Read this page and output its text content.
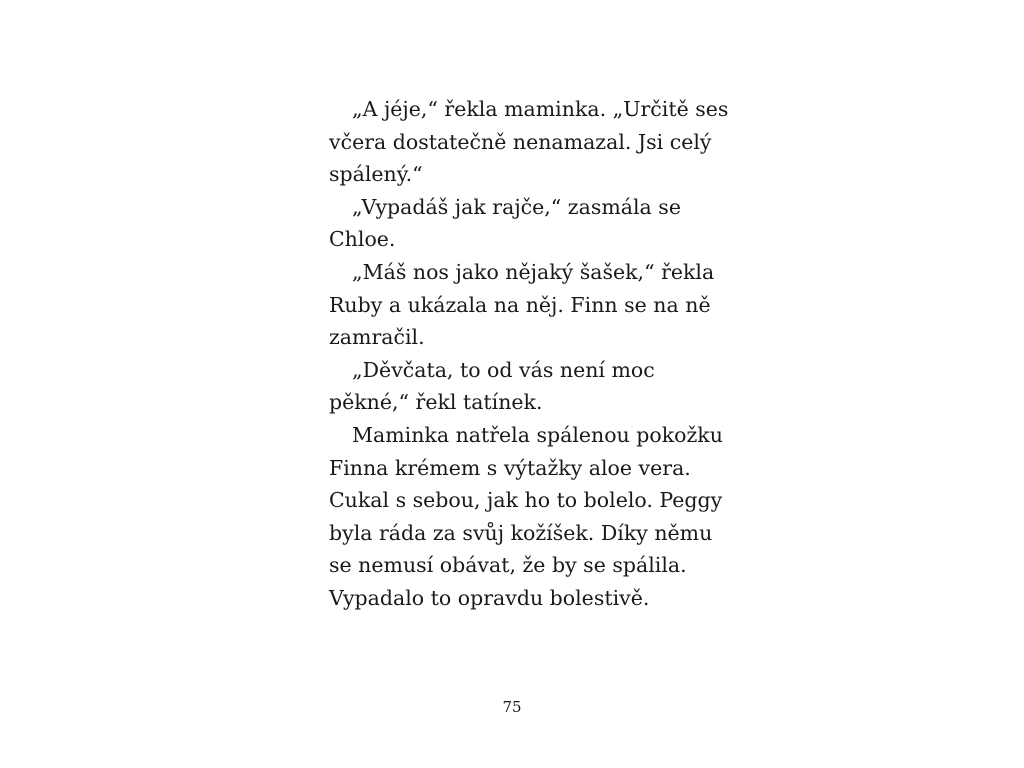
„A jéje,“ řekla maminka. „Určitě ses
včera dostatečně nenamazal. Jsi celý
spálený.“
„Vypadáš jak rajče,“ zasmála se
Chloe.
„Máš nos jako nějaký šašek,“ řekla
Ruby a ukázala na něj. Finn se na ně
zamračil.
„Děvčata, to od vás není moc
pěkné,“ řekl tatínek.
Maminka natřela spálenou pokožku
Finna krémem s výtažky aloe vera.
Cukal s sebou, jak ho to bolelo. Peggy
byla ráda za svůj kožíšek. Díky němu
se nemusí obávat, že by se spálila.
Vypadalo to opravdu bolestivě.
75
